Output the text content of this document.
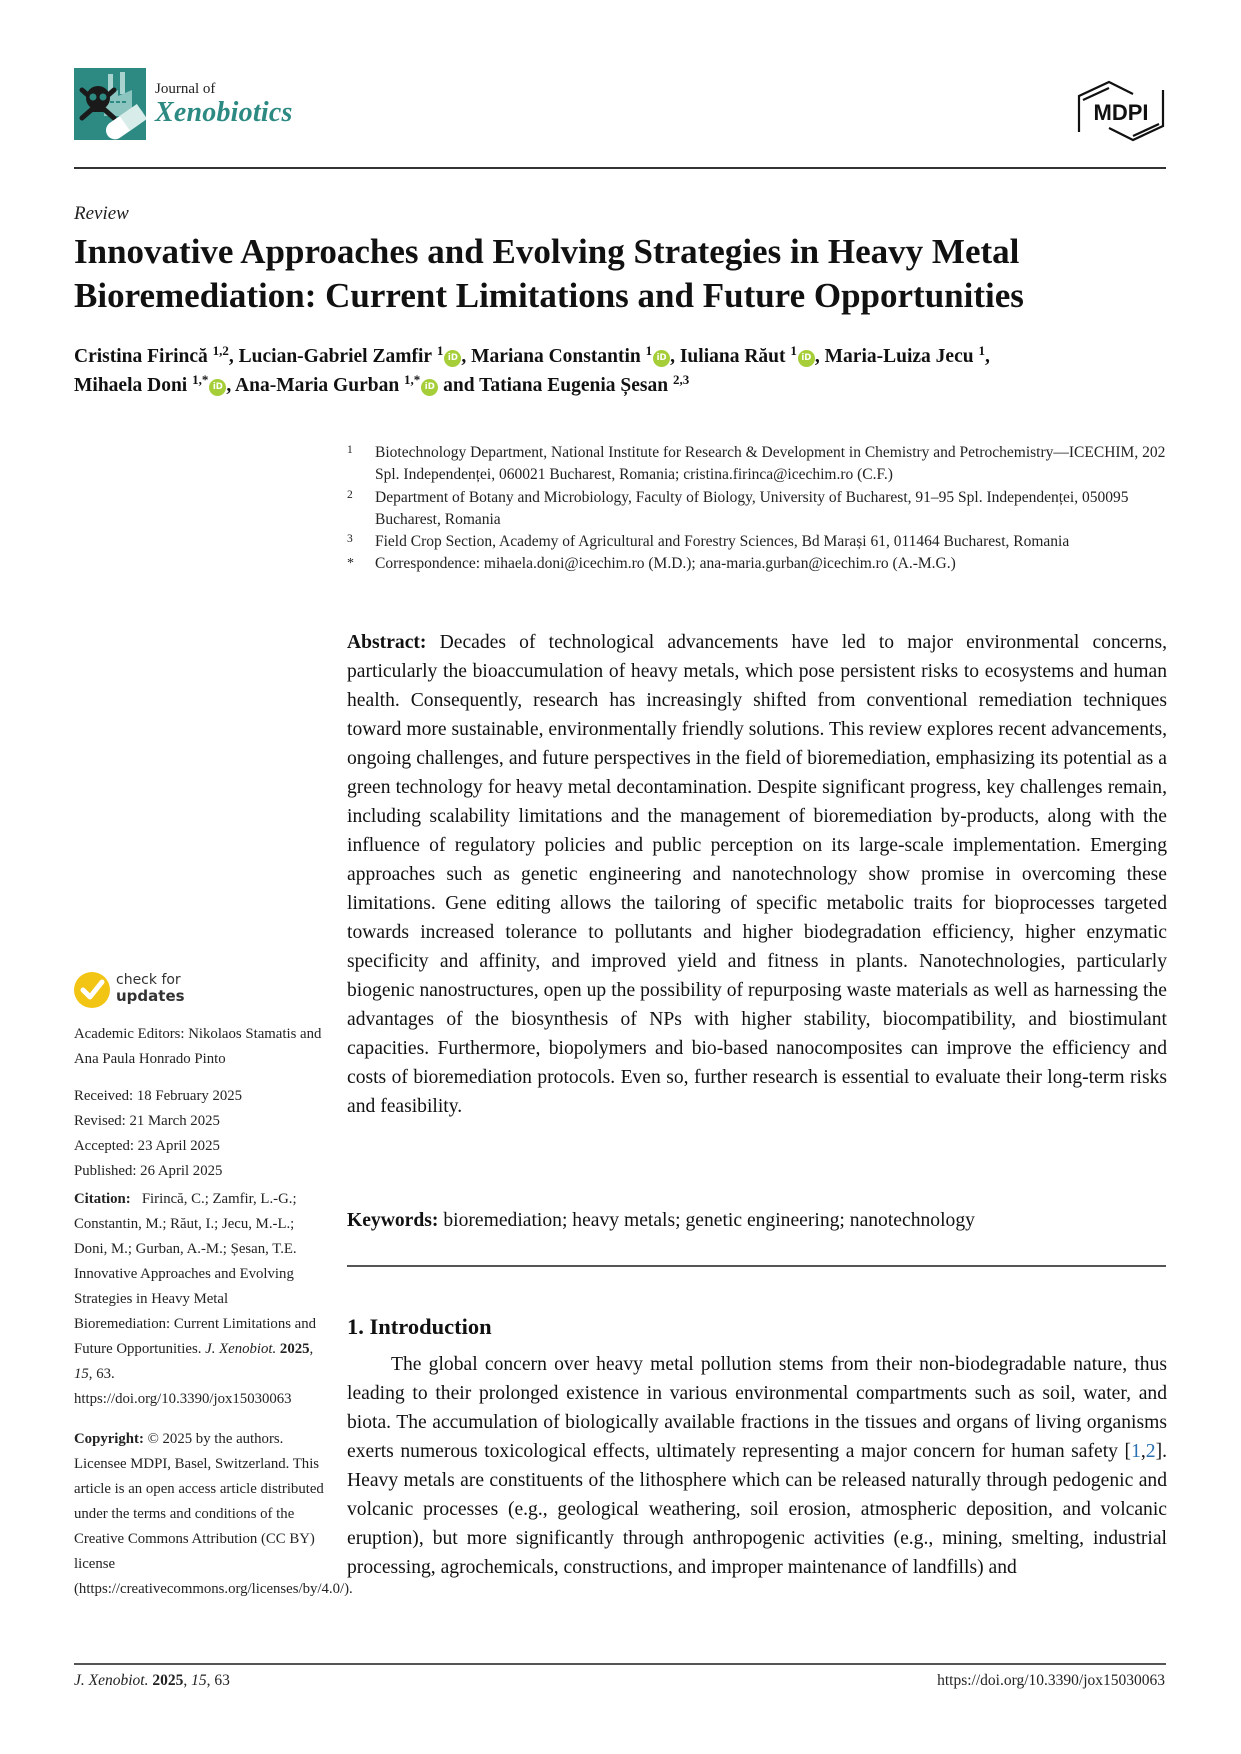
Journal of
Xenobiotics	MDPI
Review
Innovative Approaches and Evolving Strategies in Heavy Metal Bioremediation: Current Limitations and Future Opportunities
Cristina Firincă $^{1,2}$, Lucian-Gabriel Zamfir $^1$ iD , Mariana Constantin $^1$ iD , Iuliana Răut $^1$ iD , Maria-Luiza Jecu $^1$,
Mihaela Doni $^{1,*}$ iD , Ana-Maria Gurban $^{1,*}$ iD and Tatiana Eugenia Șesan $^{2,3}$
1 Biotechnology Department, National Institute for Research & Development in Chemistry and Petrochemistry—ICECHIM, 202 Spl. Independenței, 060021 Bucharest, Romania; cristina.firinca@icechim.ro (C.F.)
2 Department of Botany and Microbiology, Faculty of Biology, University of Bucharest, 91–95 Spl. Independenței, 050095 Bucharest, Romania
3 Field Crop Section, Academy of Agricultural and Forestry Sciences, Bd Marași 61, 011464 Bucharest, Romania
* Correspondence: mihaela.doni@icechim.ro (M.D.); ana-maria.gurban@icechim.ro (A.-M.G.)
Abstract: Decades of technological advancements have led to major environmental concerns, particularly the bioaccumulation of heavy metals, which pose persistent risks to ecosystems and human health. Consequently, research has increasingly shifted from conventional remediation techniques toward more sustainable, environmentally friendly solutions. This review explores recent advancements, ongoing challenges, and future perspectives in the field of bioremediation, emphasizing its potential as a green technology for heavy metal decontamination. Despite significant progress, key challenges remain, including scalability limitations and the management of bioremediation by-products, along with the influence of regulatory policies and public perception on its large-scale implementation. Emerging approaches such as genetic engineering and nanotechnology show promise in overcoming these limitations. Gene editing allows the tailoring of specific metabolic traits for bioprocesses targeted towards increased tolerance to pollutants and higher biodegradation efficiency, higher enzymatic specificity and affinity, and improved yield and fitness in plants. Nanotechnologies, particularly biogenic nanostructures, open up the possibility of repurposing waste materials as well as harnessing the advantages of the biosynthesis of NPs with higher stability, biocompatibility, and biostimulant capacities. Furthermore, biopolymers and bio-based nanocomposites can improve the efficiency and costs of bioremediation protocols. Even so, further research is essential to evaluate their long-term risks and feasibility.
Keywords: bioremediation; heavy metals; genetic engineering; nanotechnology
1. Introduction
The global concern over heavy metal pollution stems from their non-biodegradable nature, thus leading to their prolonged existence in various environmental compartments such as soil, water, and biota. The accumulation of biologically available fractions in the tissues and organs of living organisms exerts numerous toxicological effects, ultimately representing a major concern for human safety [1,2]. Heavy metals are constituents of the lithosphere which can be released naturally through pedogenic and volcanic processes (e.g., geological weathering, soil erosion, atmospheric deposition, and volcanic eruption), but more significantly through anthropogenic activities (e.g., mining, smelting, industrial processing, agrochemicals, constructions, and improper maintenance of landfills) and
check for
updates
Academic Editors: Nikolaos Stamatis and Ana Paula Honrado Pinto
Received: 18 February 2025
Revised: 21 March 2025
Accepted: 23 April 2025
Published: 26 April 2025
Citation: Firincă, C.; Zamfir, L.-G.; Constantin, M.; Răut, I.; Jecu, M.-L.; Doni, M.; Gurban, A.-M.; Șesan, T.E. Innovative Approaches and Evolving Strategies in Heavy Metal Bioremediation: Current Limitations and Future Opportunities. J. Xenobiot. 2025, 15, 63. https://doi.org/10.3390/jox15030063
Copyright: © 2025 by the authors. Licensee MDPI, Basel, Switzerland. This article is an open access article distributed under the terms and conditions of the Creative Commons Attribution (CC BY) license (https://creativecommons.org/licenses/by/4.0/).
J. Xenobiot. 2025, 15, 63	https://doi.org/10.3390/jox15030063
